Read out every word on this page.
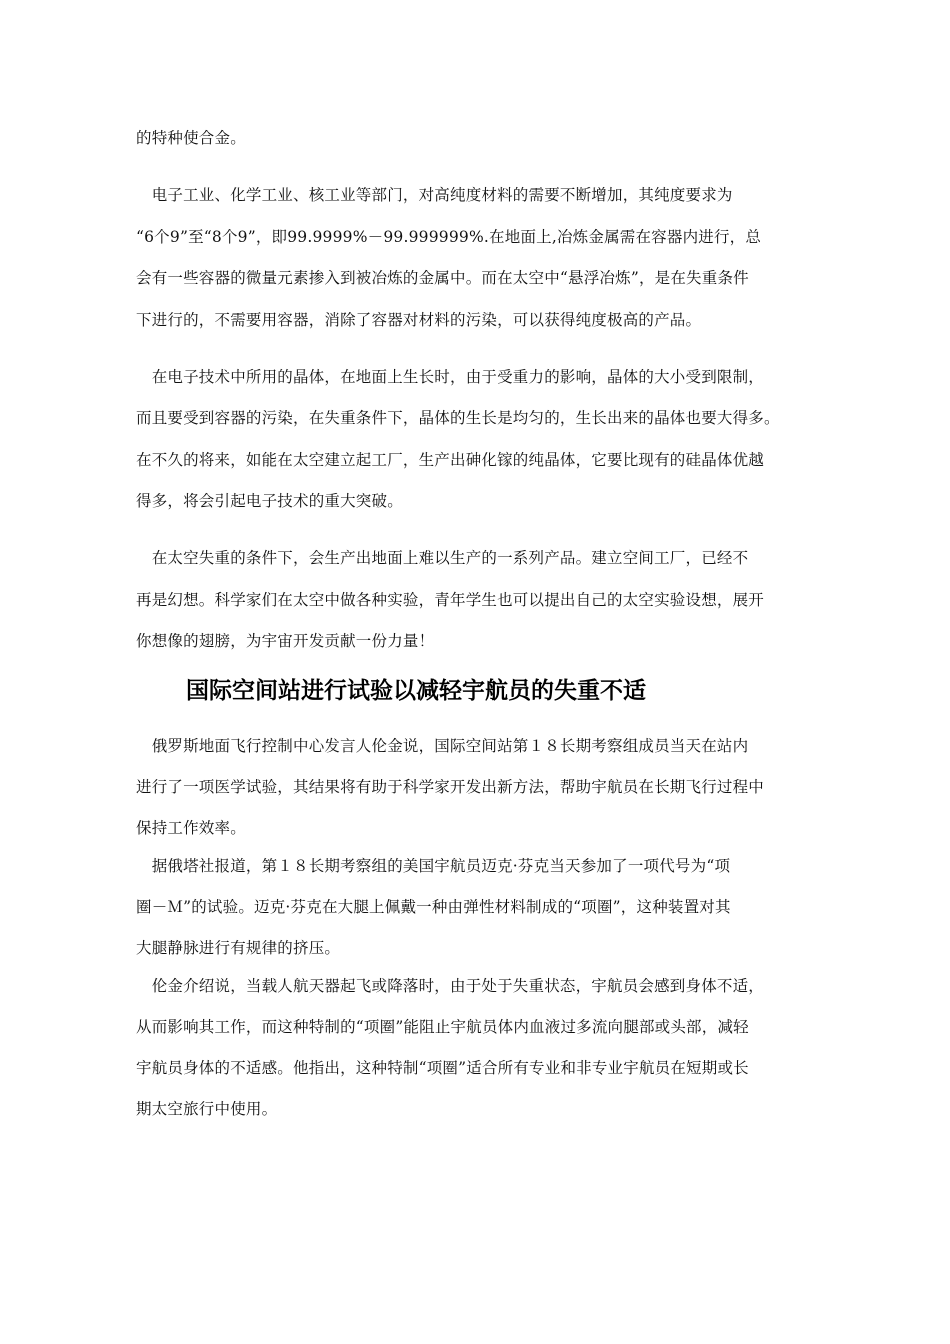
的特种使合金。
　电子工业、化学工业、核工业等部门，对高纯度材料的需要不断增加，其纯度要求为
“6个9”至“8个9”，即99.9999%－99.999999%.在地面上,冶炼金属需在容器内进行，总
会有一些容器的微量元素掺入到被冶炼的金属中。而在太空中“悬浮冶炼”，是在失重条件
下进行的，不需要用容器，消除了容器对材料的污染，可以获得纯度极高的产品。
　在电子技术中所用的晶体，在地面上生长时，由于受重力的影响，晶体的大小受到限制，
而且要受到容器的污染，在失重条件下，晶体的生长是均匀的，生长出来的晶体也要大得多。
在不久的将来，如能在太空建立起工厂，生产出砷化镓的纯晶体，它要比现有的硅晶体优越
得多，将会引起电子技术的重大突破。
　在太空失重的条件下，会生产出地面上难以生产的一系列产品。建立空间工厂，已经不
再是幻想。科学家们在太空中做各种实验，青年学生也可以提出自己的太空实验设想，展开
你想像的翅膀，为宇宙开发贡献一份力量！
国际空间站进行试验以减轻宇航员的失重不适
　俄罗斯地面飞行控制中心发言人伦金说，国际空间站第１８长期考察组成员当天在站内
进行了一项医学试验，其结果将有助于科学家开发出新方法，帮助宇航员在长期飞行过程中
保持工作效率。
　据俄塔社报道，第１８长期考察组的美国宇航员迈克·芬克当天参加了一项代号为“项
圈－Ｍ”的试验。迈克·芬克在大腿上佩戴一种由弹性材料制成的“项圈”，这种装置对其
大腿静脉进行有规律的挤压。
　伦金介绍说，当载人航天器起飞或降落时，由于处于失重状态，宇航员会感到身体不适，
从而影响其工作，而这种特制的“项圈”能阻止宇航员体内血液过多流向腿部或头部，减轻
宇航员身体的不适感。他指出，这种特制“项圈”适合所有专业和非专业宇航员在短期或长
期太空旅行中使用。
